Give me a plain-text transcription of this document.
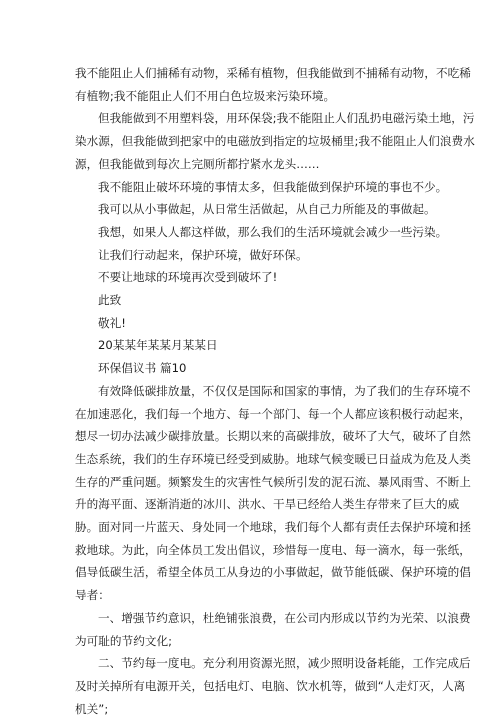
我不能阻止人们捕稀有动物，采稀有植物，但我能做到不捕稀有动物，不吃稀
有植物;我不能阻止人们不用白色垃圾来污染环境。
但我能做到不用塑料袋，用环保袋;我不能阻止人们乱扔电磁污染土地，污
染水源，但我能做到把家中的电磁放到指定的垃圾桶里;我不能阻止人们浪费水
源，但我能做到每次上完厕所都拧紧水龙头……
我不能阻止破坏环境的事情太多，但我能做到保护环境的事也不少。
我可以从小事做起，从日常生活做起，从自己力所能及的事做起。
我想，如果人人都这样做，那么我们的生活环境就会减少一些污染。
让我们行动起来，保护环境，做好环保。
不要让地球的环境再次受到破坏了!
此致
敬礼!
20某某年某某月某某日
环保倡议书 篇10
有效降低碳排放量，不仅仅是国际和国家的事情，为了我们的生存环境不
在加速恶化，我们每一个地方、每一个部门、每一个人都应该积极行动起来，
想尽一切办法减少碳排放量。长期以来的高碳排放，破坏了大气，破坏了自然
生态系统，我们的生存环境已经受到威胁。地球气候变暖已日益成为危及人类
生存的严重问题。频繁发生的灾害性气候所引发的泥石流、暴风雨雪、不断上
升的海平面、逐渐消逝的冰川、洪水、干旱已经给人类生存带来了巨大的威
胁。面对同一片蓝天、身处同一个地球，我们每个人都有责任去保护环境和拯
救地球。为此，向全体员工发出倡议，珍惜每一度电、每一滴水，每一张纸，
倡导低碳生活，希望全体员工从身边的小事做起，做节能低碳、保护环境的倡
导者：
一、增强节约意识，杜绝铺张浪费，在公司内形成以节约为光荣、以浪费
为可耻的节约文化;
二、节约每一度电。充分利用资源光照，减少照明设备耗能，工作完成后
及时关掉所有电源开关，包括电灯、电脑、饮水机等，做到“人走灯灭，人离
机关”;
